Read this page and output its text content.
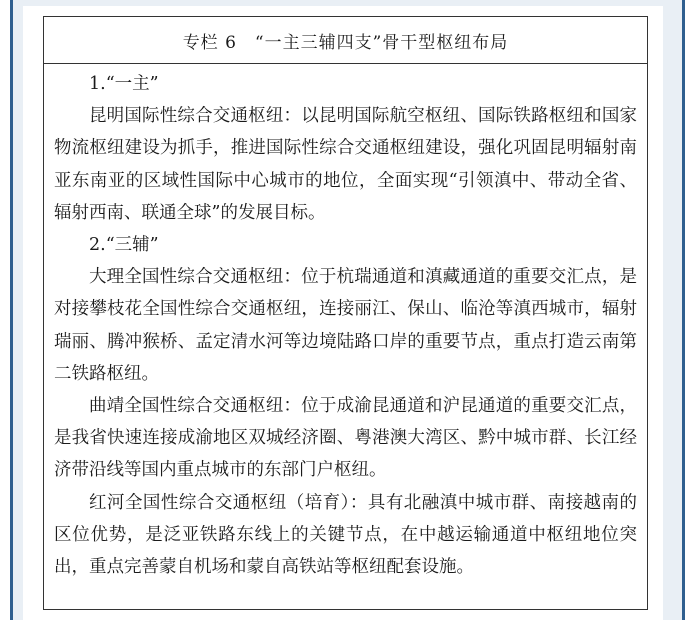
专栏 6　“一主三辅四支”骨干型枢纽布局

1.“一主”

昆明国际性综合交通枢纽：以昆明国际航空枢纽、国际铁路枢纽和国家物流枢纽建设为抓手，推进国际性综合交通枢纽建设，强化巩固昆明辐射南亚东南亚的区域性国际中心城市的地位，全面实现“引领滇中、带动全省、辐射西南、联通全球”的发展目标。

2.“三辅”

大理全国性综合交通枢纽：位于杭瑞通道和滇藏通道的重要交汇点，是对接攀枝花全国性综合交通枢纽，连接丽江、保山、临沧等滇西城市，辐射瑞丽、腾冲猴桥、孟定清水河等边境陆路口岸的重要节点，重点打造云南第二铁路枢纽。

曲靖全国性综合交通枢纽：位于成渝昆通道和沪昆通道的重要交汇点，是我省快速连接成渝地区双城经济圈、粤港澳大湾区、黔中城市群、长江经济带沿线等国内重点城市的东部门户枢纽。

红河全国性综合交通枢纽（培育）：具有北融滇中城市群、南接越南的区位优势，是泛亚铁路东线上的关键节点，在中越运输通道中枢纽地位突出，重点完善蒙自机场和蒙自高铁站等枢纽配套设施。
